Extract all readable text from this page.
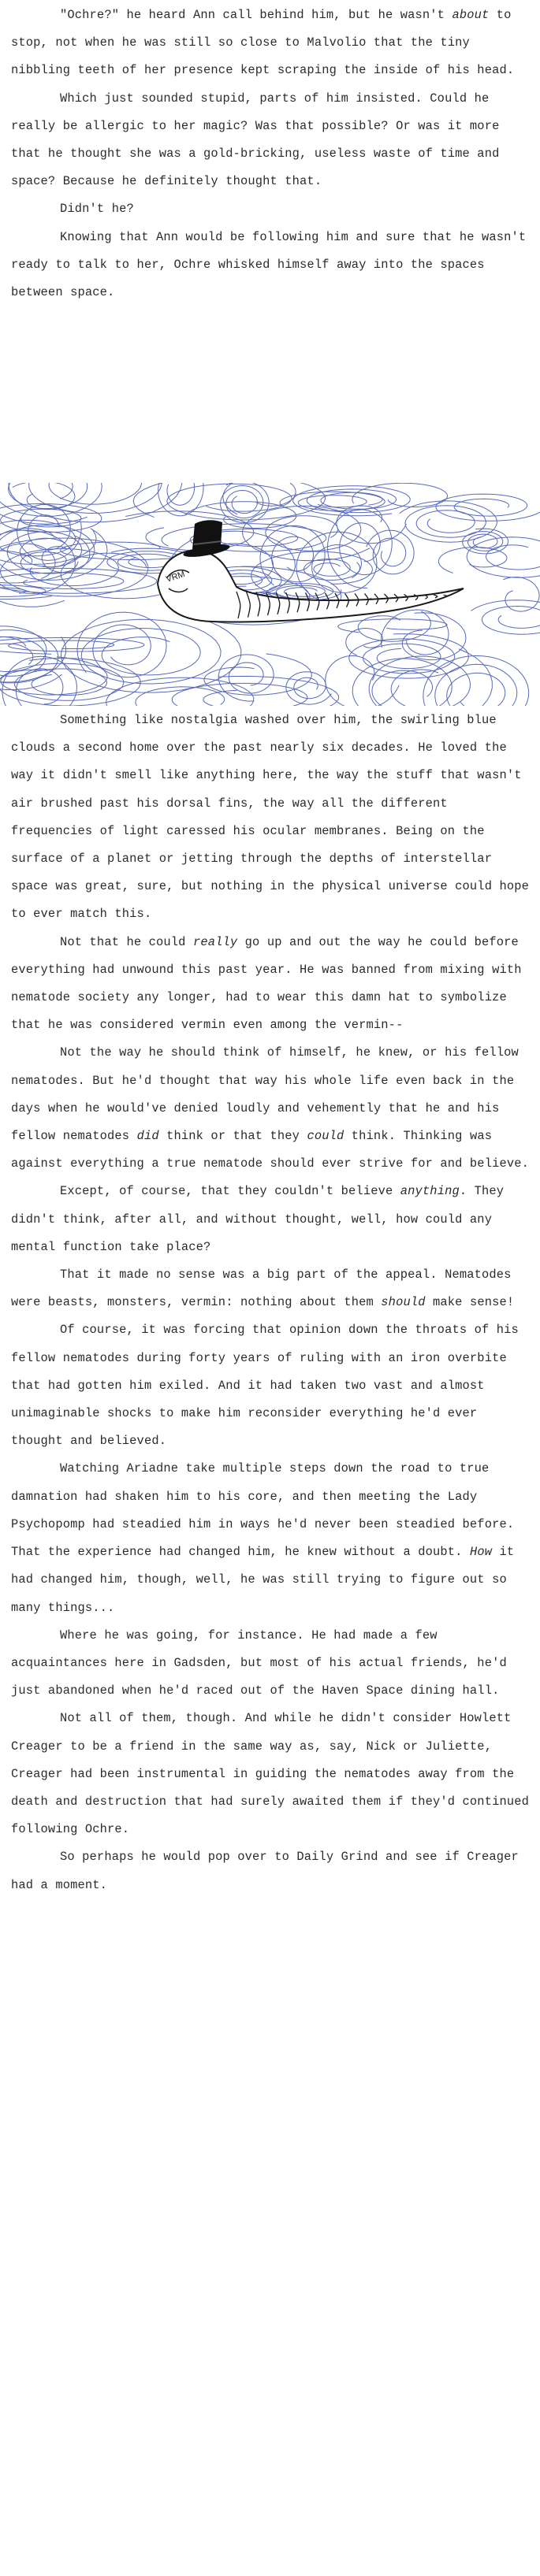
"Ochre?" he heard Ann call behind him, but he wasn't about to stop, not when he was still so close to Malvolio that the tiny nibbling teeth of her presence kept scraping the inside of his head.

Which just sounded stupid, parts of him insisted. Could he really be allergic to her magic? Was that possible? Or was it more that he thought she was a gold-bricking, useless waste of time and space? Because he definitely thought that.

Didn't he?

Knowing that Ann would be following him and sure that he wasn't ready to talk to her, Ochre whisked himself away into the spaces between space.

VRM

Something like nostalgia washed over him, the swirling blue clouds a second home over the past nearly six decades. He loved the way it didn't smell like anything here, the way the stuff that wasn't air brushed past his dorsal fins, the way all the different frequencies of light caressed his ocular membranes. Being on the surface of a planet or jetting through the depths of interstellar space was great, sure, but nothing in the physical universe could hope to ever match this.

Not that he could really go up and out the way he could before everything had unwound this past year. He was banned from mixing with nematode society any longer, had to wear this damn hat to symbolize that he was considered vermin even among the vermin--

Not the way he should think of himself, he knew, or his fellow nematodes. But he'd thought that way his whole life even back in the days when he would've denied loudly and vehemently that he and his fellow nematodes did think or that they could think. Thinking was against everything a true nematode should ever strive for and believe.

Except, of course, that they couldn't believe anything. They didn't think, after all, and without thought, well, how could any mental function take place?

That it made no sense was a big part of the appeal. Nematodes were beasts, monsters, vermin: nothing about them should make sense!

Of course, it was forcing that opinion down the throats of his fellow nematodes during forty years of ruling with an iron overbite that had gotten him exiled. And it had taken two vast and almost unimaginable shocks to make him reconsider everything he'd ever thought and believed.

Watching Ariadne take multiple steps down the road to true damnation had shaken him to his core, and then meeting the Lady Psychopomp had steadied him in ways he'd never been steadied before. That the experience had changed him, he knew without a doubt. How it had changed him, though, well, he was still trying to figure out so many things...

Where he was going, for instance. He had made a few acquaintances here in Gadsden, but most of his actual friends, he'd just abandoned when he'd raced out of the Haven Space dining hall.

Not all of them, though. And while he didn't consider Howlett Creager to be a friend in the same way as, say, Nick or Juliette, Creager had been instrumental in guiding the nematodes away from the death and destruction that had surely awaited them if they'd continued following Ochre.

So perhaps he would pop over to Daily Grind and see if Creager had a moment.
